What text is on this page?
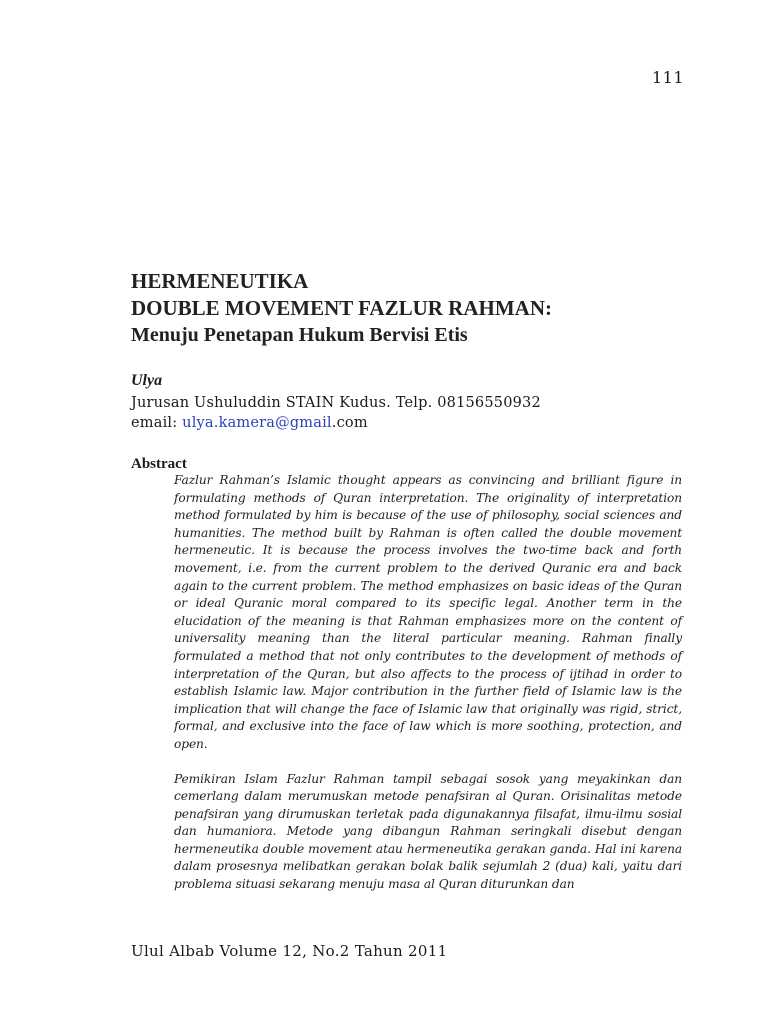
111
HERMENEUTIKA
DOUBLE MOVEMENT FAZLUR RAHMAN:
Menuju Penetapan Hukum Bervisi Etis
Ulya
Jurusan Ushuluddin STAIN Kudus. Telp. 08156550932
email: ulya.kamera@gmail.com
Abstract

Fazlur Rahman’s Islamic thought appears as convincing and brilliant figure in formulating methods of Quran interpretation. The originality of interpretation method formulated by him is because of the use of philosophy, social sciences and humanities. The method built by Rahman is often called the double movement hermeneutic. It is because the process involves the two-time back and forth movement, i.e. from the current problem to the derived Quranic era and back again to the current problem. The method emphasizes on basic ideas of the Quran or ideal Quranic moral compared to its specific legal. Another term in the elucidation of the meaning is that Rahman emphasizes more on the content of universality meaning than the literal particular meaning. Rahman finally formulated a method that not only contributes to the development of methods of interpretation of the Quran, but also affects to the process of ijtihad in order to establish Islamic law. Major contribution in the further field of Islamic law is the implication that will change the face of Islamic law that originally was rigid, strict, formal, and exclusive into the face of law which is more soothing, protection, and open.

Pemikiran Islam Fazlur Rahman tampil sebagai sosok yang meyakinkan dan cemerlang dalam merumuskan metode penafsiran al Quran. Orisinalitas metode penafsiran yang dirumuskan terletak pada digunakannya filsafat, ilmu-ilmu sosial dan humaniora. Metode yang dibangun Rahman seringkali disebut dengan hermeneutika double movement atau hermeneutika gerakan ganda. Hal ini karena dalam prosesnya melibatkan gerakan bolak balik sejumlah 2 (dua) kali, yaitu dari problema situasi sekarang menuju masa al Quran diturunkan dan

Ulul Albab Volume 12, No.2 Tahun 2011
